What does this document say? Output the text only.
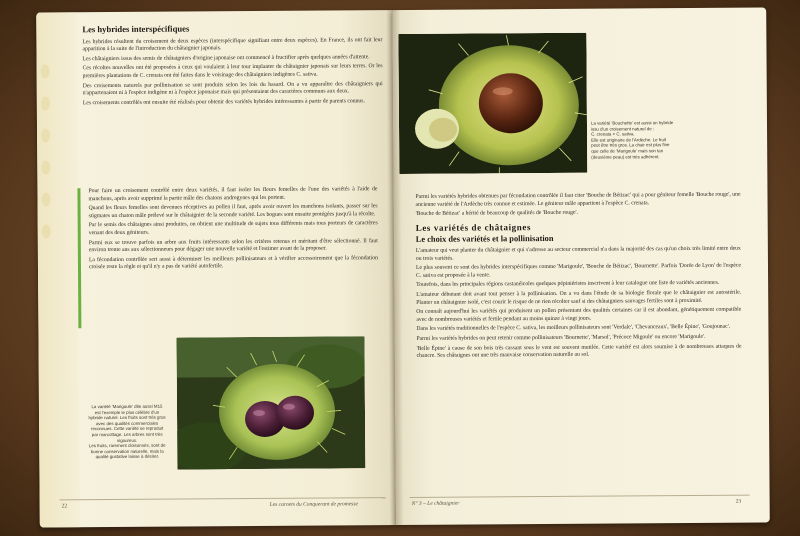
Les hybrides interspécifiques

Les hybrides résultent du croisement de deux espèces (interspécifique signifiant entre deux espèces). En France, ils ont fait leur apparition à la suite de l'introduction du châtaignier japonais.

Les châtaigniers issus des semis de châtaigniers d'origine japonaise ont commencé à fructifier après quelques années d'attente.

Ces récoltes nouvelles ont été proposées à ceux qui voulaient à leur tour implanter du châtaignier japonais sur leurs terres. Or les premières plantations de C. crenata ont été faites dans le voisinage des châtaigniers indigènes C. sativa.

Des croisements naturels par pollinisation se sont produits selon les lois du hasard. On a vu apparaître des châtaigniers qui n'appartenaient ni à l'espèce indigène ni à l'espèce japonaise mais qui présentaient des caractères communs aux deux.

Les croisements contrôlés ont ensuite été réalisés pour obtenir des variétés hybrides intéressantes à partir de parents connus.

Pour faire un croisement contrôlé entre deux variétés, il faut isoler les fleurs femelles de l'une des variétés à l'aide de manchons, après avoir supprimé la partie mâle des chatons androgynes qui les portent.

Quand les fleurs femelles sont devenues réceptives au pollen il faut, après avoir ouvert les manchons isolants, passer sur les stigmates un chaton mâle prélevé sur le châtaignier de la seconde variété. Les bogues sont ensuite protégées jusqu'à la récolte.

Par le semis des châtaignes ainsi produites, on obtient une multitude de sujets tous différents mais tous porteurs de caractères venant des deux géniteurs.

Parmi eux se trouve parfois un arbre aux fruits intéressants selon les critères retenus et méritant d'être sélectionné. Il faut environ trente ans aux sélectionneurs pour dégager une nouvelle variété et l'estimer avant de la proposer.

La fécondation contrôlée sert aussi à déterminer les meilleurs pollinisateurs et à vérifier accessoirement que la fécondation croisée reste la règle et qu'il n'y a pas de variété autofertile.

La variété 'Marigoule' dite aussi M15
est l'exemple le plus célèbre d'un
hybride naturel. Les fruits sont très gros
avec des qualités commerciales
reconnues. Cette variété se reproduit
par marcottage. Les arbres sont très
vigoureux.
Les fruits, rarement cloisonnés, sont de
bonne conservation naturelle, mais la
qualité gustative laisse à désirer.
22	Les carnets du Conquerant de promesse
La variété 'Bouchette' est aussi un hybride
issu d'un croisement naturel de :
C. crenata × C. sativa.
Elle est originaire de l'Ardèche. Le fruit
peut être très gros. La chair est plus fine
que celle de 'Marigoule' mais son tan
(deuxième peau) est très adhérent.

Parmi les variétés hybrides obtenues par fécondation contrôlée il faut citer 'Bouche de Bétizac' qui a pour géniteur femelle 'Bouche rouge', une ancienne variété de l'Ardèche très connue et estimée. Le géniteur mâle appartient à l'espèce C. crenata.

'Bouche de Bétizac' a hérité de beaucoup de qualités de 'Bouche rouge'.

Les variétés de châtaignes
Le choix des variétés et la pollinisation

L'amateur qui veut planter du châtaignier et qui s'adresse au secteur commercial n'a dans la majorité des cas qu'un choix très limité entre deux ou trois variétés.

Le plus souvent ce sont des hybrides interspécifiques comme 'Marigoule', 'Bouche de Bétizac', 'Bournette'. Parfois 'Dorée de Lyon' de l'espèce C. sativa est proposée à la vente.

Toutefois, dans les principales régions castanéicoles quelques pépiniéristes inscrivent à leur catalogue une liste de variétés anciennes.

L'amateur débutant doit avant tout penser à la pollinisation. On a vu dans l'étude de sa biologie florale que le châtaignier est autostérile. Planter un châtaignier isolé, c'est courir le risque de ne rien récolter sauf si des châtaigniers sauvages fertiles sont à proximité.

On connaît aujourd'hui les variétés qui produisent un pollen présentant des qualités certaines car il est abondant, génétiquement compatible avec de nombreuses variétés et fertile pendant au moins quinze à vingt jours.

Dans les variétés traditionnelles de l'espèce C. sativa, les meilleurs pollinisateurs sont 'Verdale', 'Chevanceaux', 'Belle Épine', 'Goujounac'.

Parmi les variétés hybrides on peut retenir comme pollinisateurs 'Bournette', 'Marsol', 'Précoce Migoule' ou encore 'Marigoule'.

'Belle Épine' à cause de son bois très cassant sous le vent est souvent mutilée. Cette variété est alors soumise à de nombreuses attaques de chancre. Ses châtaignes ont une très mauvaise conservation naturelle au sol.

N° 3 – Le châtaignier	23
